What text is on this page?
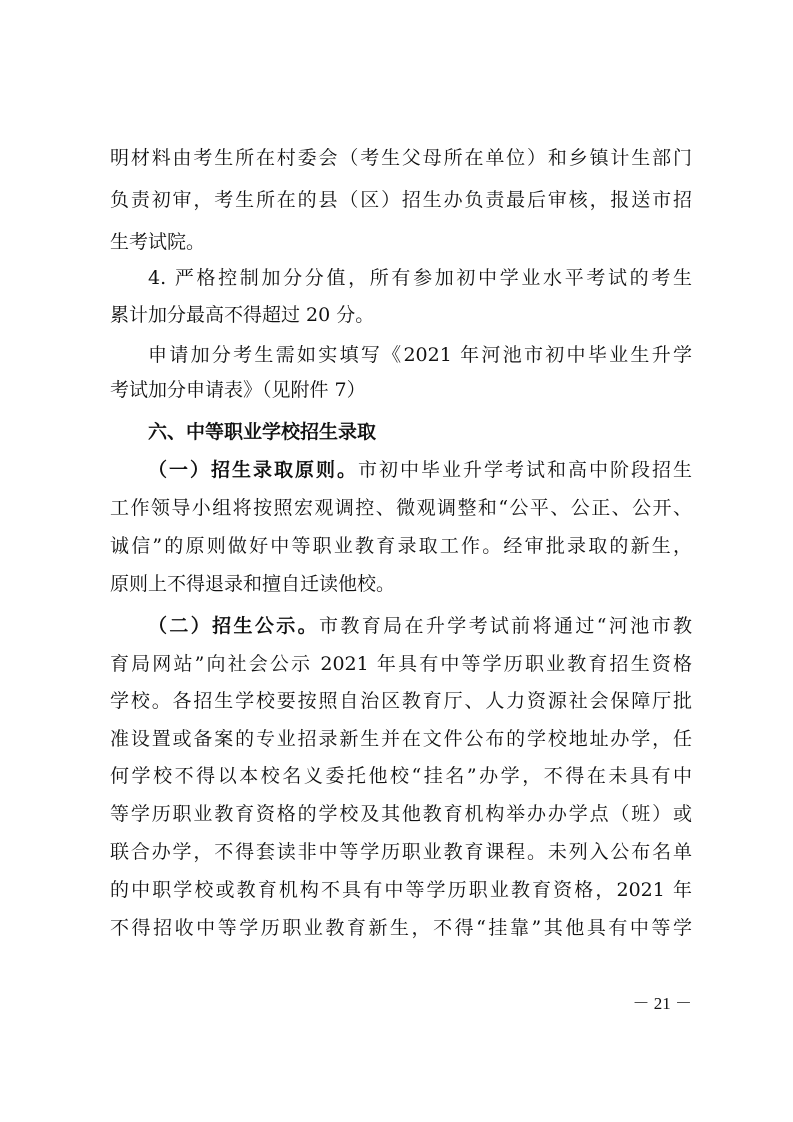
明材料由考生所在村委会（考生父母所在单位）和乡镇计生部门
负责初审，考生所在的县（区）招生办负责最后审核，报送市招
生考试院。
4. 严格控制加分分值，所有参加初中学业水平考试的考生
累计加分最高不得超过 20 分。
申请加分考生需如实填写《2021 年河池市初中毕业生升学
考试加分申请表》（见附件 7）
六、中等职业学校招生录取
（一）招生录取原则。市初中毕业升学考试和高中阶段招生
工作领导小组将按照宏观调控、微观调整和“公平、公正、公开、
诚信”的原则做好中等职业教育录取工作。经审批录取的新生，
原则上不得退录和擅自迁读他校。
（二）招生公示。市教育局在升学考试前将通过“河池市教
育局网站”向社会公示 2021 年具有中等学历职业教育招生资格
学校。各招生学校要按照自治区教育厅、人力资源社会保障厅批
准设置或备案的专业招录新生并在文件公布的学校地址办学，任
何学校不得以本校名义委托他校“挂名”办学，不得在未具有中
等学历职业教育资格的学校及其他教育机构举办办学点（班）或
联合办学，不得套读非中等学历职业教育课程。未列入公布名单
的中职学校或教育机构不具有中等学历职业教育资格，2021 年
不得招收中等学历职业教育新生，不得“挂靠”其他具有中等学
－ 21 －
